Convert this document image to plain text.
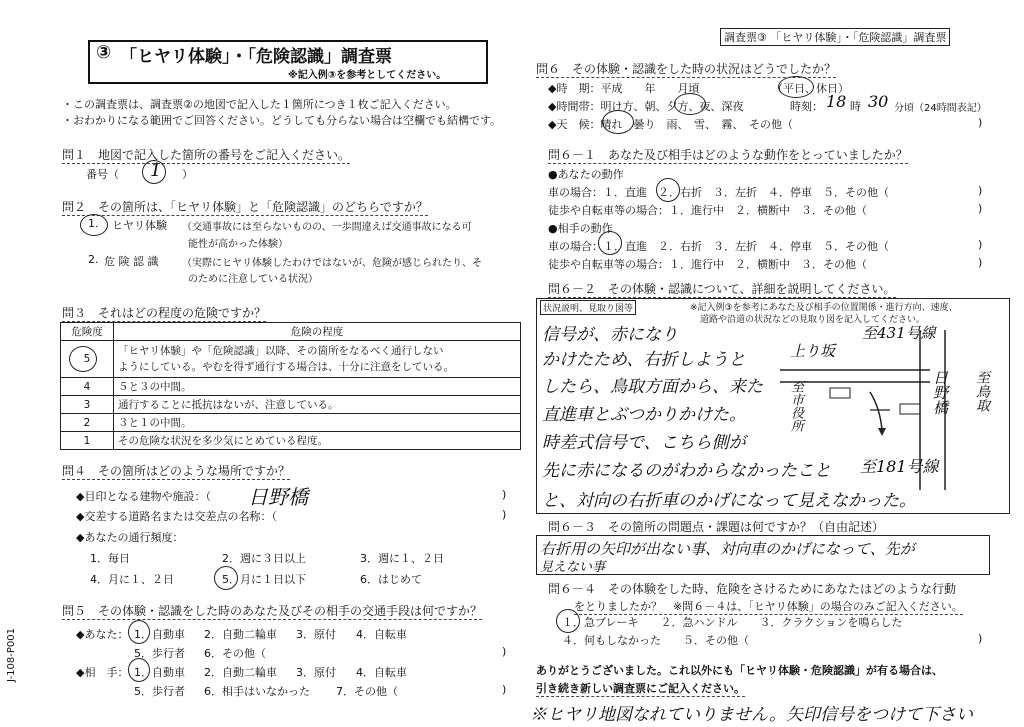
③ 「ヒヤリ体験」・「危険認識」調査票
※記入例③を参考としてください。
・この調査票は、調査票②の地図で記入した１箇所につき１枚ご記入ください。
・おわかりになる範囲でご回答ください。どうしても分らない場合は空欄でも結構です。
問１　地図で記入した箇所の番号をご記入ください。
番号（ 1 ）
問２　その箇所は、「ヒヤリ体験」と「危険認識」のどちらですか？
1. ヒヤリ体験 （交通事故には至らないものの、一歩間違えば交通事故になる可
能性が高かった体験）
2. 危 険 認 識 （実際にヒヤリ体験したわけではないが、危険が感じられたり、そ
のために注意している状況）
問３　それはどの程度の危険ですか？
危険度	危険の程度
5	「ヒヤリ体験」や「危険認識」以降、その箇所をなるべく通行しない
ようにしている。やむを得ず通行する場合は、十分に注意をしている。
4	５と３の中間。
3	通行することに抵抗はないが、注意している。
2	３と１の中間。
1	その危険な状況を多少気にとめている程度。
問４　その箇所はどのような場所ですか？
◆目印となる建物や施設：（ 日野橋	)
◆交差する道路名または交差点の名称：（	)
◆あなたの通行頻度：
1．毎日	2．週に３日以上	3．週に１、２日
4．月に１、２日	5．月に１日以下	6．はじめて
問５　その体験・認識をした時のあなた及びその相手の交通手段は何ですか？
◆あなた： 1．自動車 2．自動二輪車 3．原付 4．自転車
5．歩行者 6．その他（	)
◆相　手： 1．自動車 2．自動二輪車 3．原付 4．自転車
5．歩行者 6．相手はいなかった 7．その他（	)
J-108-P001
調査票③ 「ヒヤリ体験」・「危険認識」調査票
問６　その体験・認識をした時の状況はどうでしたか？
◆時　期：平成　　年　　月頃	（平日、休日）
◆時間帯：明け方、朝、夕方、夜、深夜	時刻： 18 時 30 分頃（24時間表記）
◆天　候：晴れ　曇り　雨、　雪、　霧、　その他（	)
問６－１　あなた及び相手はどのような動作をとっていましたか？
●あなたの動作
車の場合：１．直進　２．右折　３．左折　４．停車　５．その他（	)
徒歩や自転車等の場合：１．進行中　２．横断中　３．その他（	)
●相手の動作
車の場合：１．直進　２．右折　３．左折　４．停車　５．その他（	)
徒歩や自転車等の場合：１．進行中　２．横断中　３．その他（	)
問６－２　その体験・認識について、詳細を説明してください。
状況説明、見取り図等	※記入例③を参考にあなた及び相手の位置関係・進行方向、速度、
道路や沿道の状況などの見取り図を記入してください。
信号が、赤になり
かけたため、右折しようと
したら、鳥取方面から、来た
直進車とぶつかりかけた。
時差式信号で、こちら側が
先に赤になるのがわからなかったこと
と、対向の右折車のかげになって見えなかった。
至431号線
上り坂
至市役所	日野橋 至鳥取
至181号線
問６－３　その箇所の問題点・課題は何ですか？（自由記述）
右折用の矢印が出ない事、対向車のかげになって、先が
見えない事
問６－４　その体験をした時、危険をさけるためにあなたはどのような行動
をとりましたか？　※問６－４は、「ヒヤリ体験」の場合のみご記入ください。
１．急ブレーキ　　２．急ハンドル　　３．クラクションを鳴らした
４．何もしなかった　　５．その他（	)
ありがとうございました。これ以外にも「ヒヤリ体験・危険認識」が有る場合は、
引き続き新しい調査票にご記入ください。
※ヒヤリ地図なれていりません。矢印信号をつけて下さい
